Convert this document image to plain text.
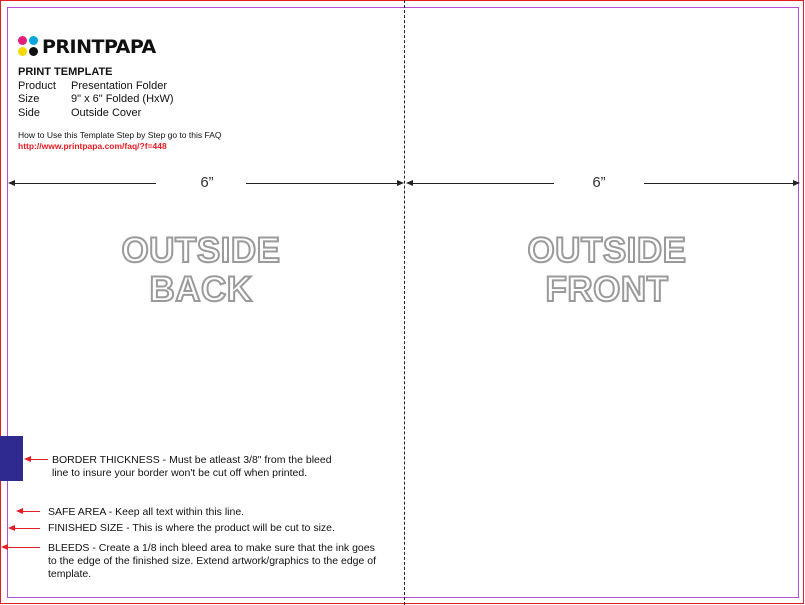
PRINTPAPA
PRINT TEMPLATE
Product	Presentation Folder
Size	9" x 6" Folded (HxW)
Side	Outside Cover
How to Use this Template Step by Step go to this FAQ
http://www.printpapa.com/faq/?f=448
6”	6”
OUTSIDE
BACK
OUTSIDE
FRONT
BORDER THICKNESS - Must be atleast 3/8" from the bleed
line to insure your border won't be cut off when printed.
SAFE AREA - Keep all text within this line.
FINISHED SIZE - This is where the product will be cut to size.
BLEEDS - Create a 1/8 inch bleed area to make sure that the ink goes
to the edge of the finished size. Extend artwork/graphics to the edge of
template.
